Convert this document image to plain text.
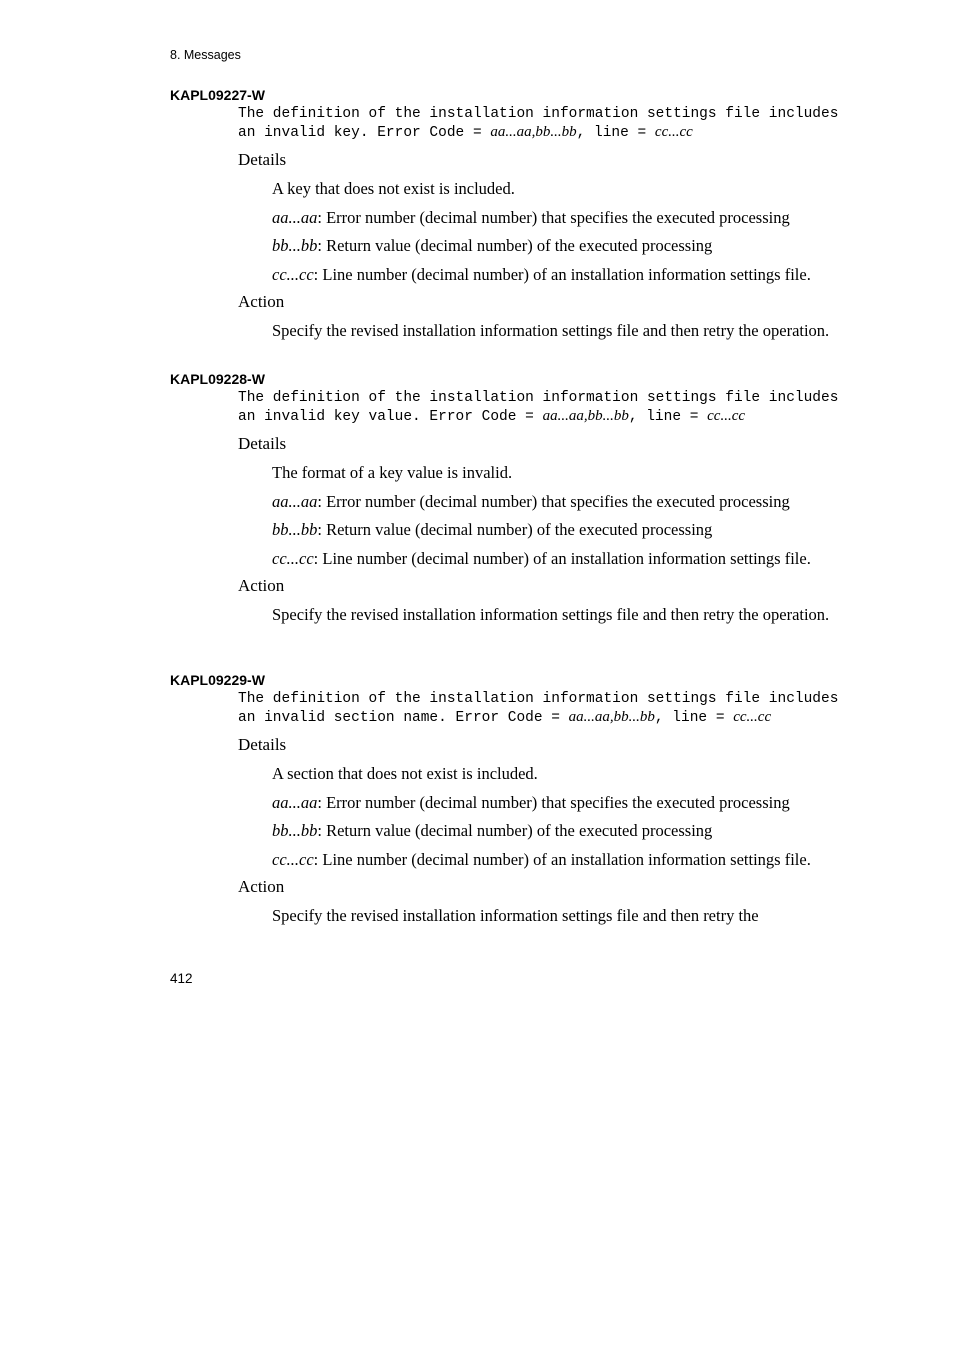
8. Messages

KAPL09227-W

The definition of the installation information settings file includes an invalid key. Error Code = aa...aa,bb...bb, line = cc...cc
Details
A key that does not exist is included.
aa...aa: Error number (decimal number) that specifies the executed processing
bb...bb: Return value (decimal number) of the executed processing
cc...cc: Line number (decimal number) of an installation information settings file.
Action
Specify the revised installation information settings file and then retry the operation.

KAPL09228-W

The definition of the installation information settings file includes an invalid key value. Error Code = aa...aa,bb...bb, line = cc...cc
Details
The format of a key value is invalid.
aa...aa: Error number (decimal number) that specifies the executed processing
bb...bb: Return value (decimal number) of the executed processing
cc...cc: Line number (decimal number) of an installation information settings file.
Action
Specify the revised installation information settings file and then retry the operation.

KAPL09229-W

The definition of the installation information settings file includes an invalid section name. Error Code = aa...aa,bb...bb, line = cc...cc
Details
A section that does not exist is included.
aa...aa: Error number (decimal number) that specifies the executed processing
bb...bb: Return value (decimal number) of the executed processing
cc...cc: Line number (decimal number) of an installation information settings file.
Action
Specify the revised installation information settings file and then retry the
412
